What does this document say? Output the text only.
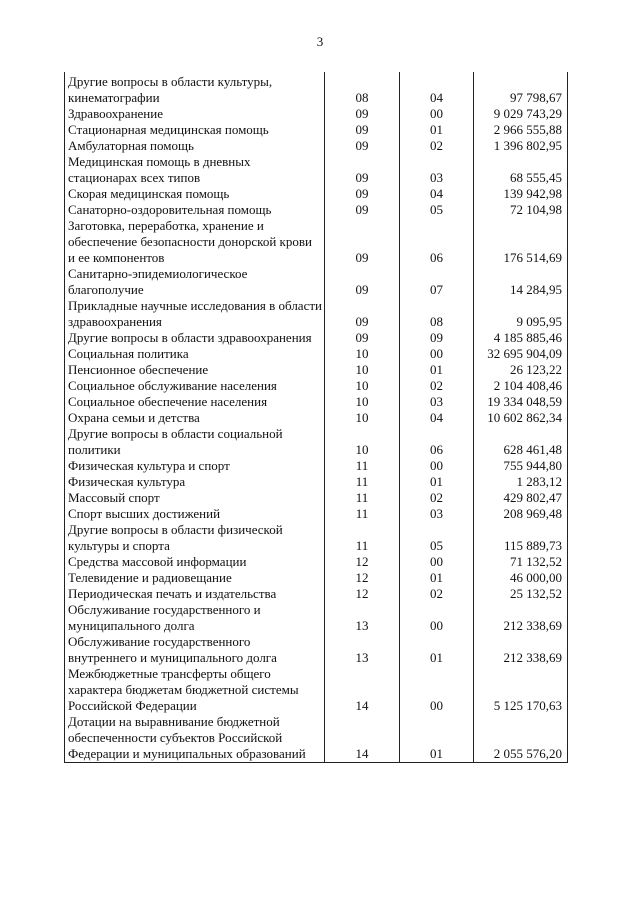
3
Другие вопросы в области культуры, кинематографии	08	04	97 798,67
Здравоохранение	09	00	9 029 743,29
Стационарная медицинская помощь	09	01	2 966 555,88
Амбулаторная помощь	09	02	1 396 802,95
Медицинская помощь в дневных стационарах всех типов	09	03	68 555,45
Скорая медицинская помощь	09	04	139 942,98
Санаторно-оздоровительная помощь	09	05	72 104,98
Заготовка, переработка, хранение и обеспечение безопасности донорской крови и ее компонентов	09	06	176 514,69
Санитарно-эпидемиологическое благополучие	09	07	14 284,95
Прикладные научные исследования в области здравоохранения	09	08	9 095,95
Другие вопросы в области здравоохранения	09	09	4 185 885,46
Социальная политика	10	00	32 695 904,09
Пенсионное обеспечение	10	01	26 123,22
Социальное обслуживание населения	10	02	2 104 408,46
Социальное обеспечение населения	10	03	19 334 048,59
Охрана семьи и детства	10	04	10 602 862,34
Другие вопросы в области социальной политики	10	06	628 461,48
Физическая культура и спорт	11	00	755 944,80
Физическая культура	11	01	1 283,12
Массовый спорт	11	02	429 802,47
Спорт высших достижений	11	03	208 969,48
Другие вопросы в области физической культуры и спорта	11	05	115 889,73
Средства массовой информации	12	00	71 132,52
Телевидение и радиовещание	12	01	46 000,00
Периодическая печать и издательства	12	02	25 132,52
Обслуживание государственного и муниципального долга	13	00	212 338,69
Обслуживание государственного внутреннего и муниципального долга	13	01	212 338,69
Межбюджетные трансферты общего характера бюджетам бюджетной системы Российской Федерации	14	00	5 125 170,63
Дотации на выравнивание бюджетной обеспеченности субъектов Российской Федерации и муниципальных образований	14	01	2 055 576,20
